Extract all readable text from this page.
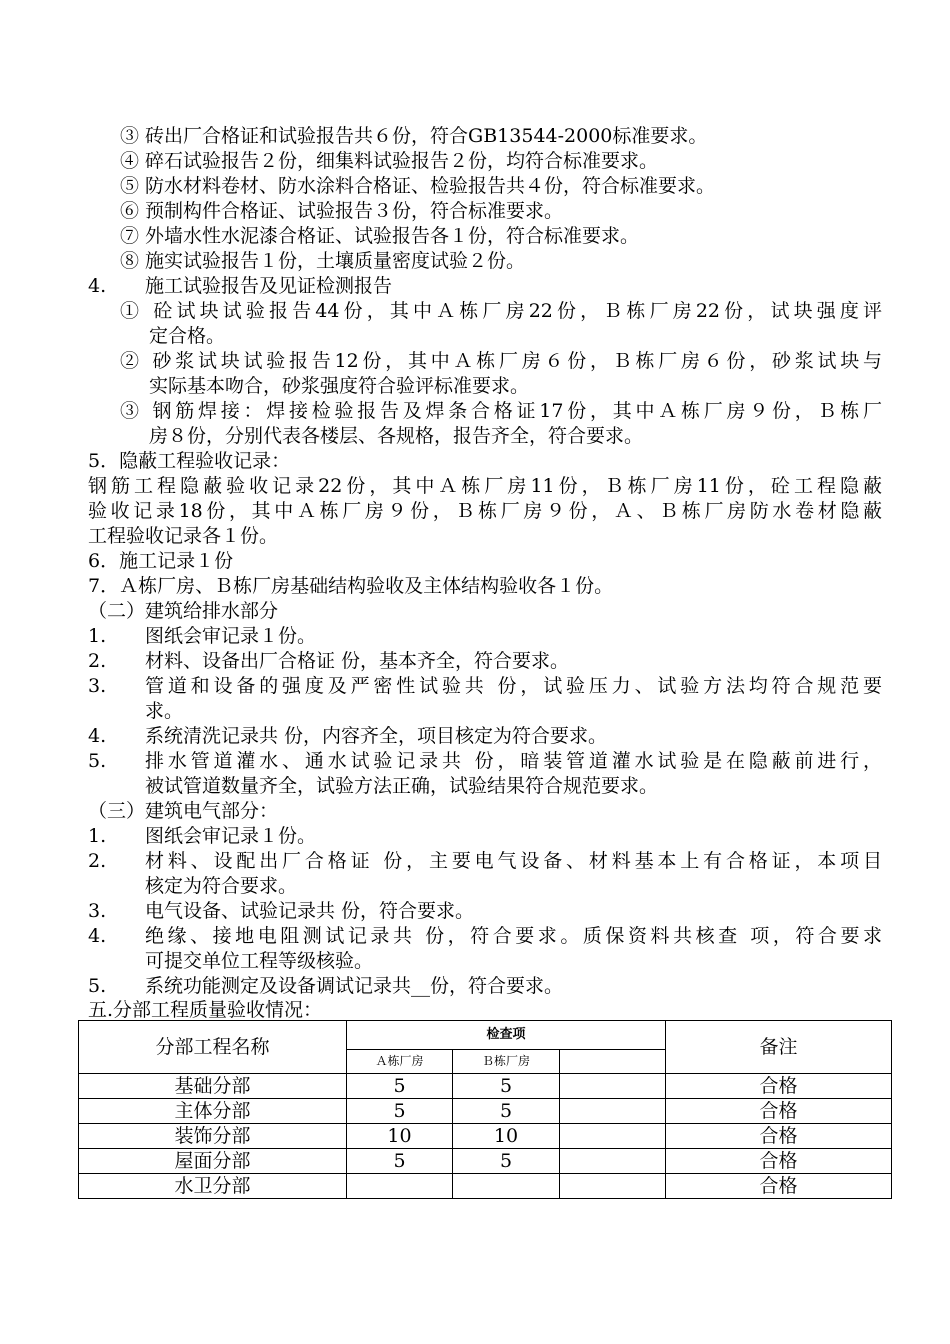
③ 砖出厂合格证和试验报告共６份，符合GB13544-2000标准要求。
④ 碎石试验报告２份，细集料试验报告２份，均符合标准要求。
⑤ 防水材料卷材、防水涂料合格证、检验报告共４份，符合标准要求。
⑥ 预制构件合格证、试验报告３份，符合标准要求。
⑦ 外墙水性水泥漆合格证、试验报告各１份，符合标准要求。
⑧ 施实试验报告１份，土壤质量密度试验２份。
4. 施工试验报告及见证检测报告
① 砼试块试验报告44份，其中Ａ栋厂房22份，Ｂ栋厂房22份，试块强度评
定合格。
② 砂浆试块试验报告12份，其中Ａ栋厂房６份，Ｂ栋厂房６份，砂浆试块与
实际基本吻合，砂浆强度符合验评标准要求。
③ 钢筋焊接：焊接检验报告及焊条合格证17份，其中Ａ栋厂房９份，Ｂ栋厂
房８份，分别代表各楼层、各规格，报告齐全，符合要求。
5．隐蔽工程验收记录：
钢筋工程隐蔽验收记录22份，其中Ａ栋厂房11份，Ｂ栋厂房11份，砼工程隐蔽
验收记录18份，其中Ａ栋厂房９份，Ｂ栋厂房９份，Ａ、Ｂ栋厂房防水卷材隐蔽
工程验收记录各１份。
6．施工记录１份
7．Ａ栋厂房、Ｂ栋厂房基础结构验收及主体结构验收各１份。
（二）建筑给排水部分
1. 图纸会审记录１份。
2. 材料、设备出厂合格证 份，基本齐全，符合要求。
3. 管道和设备的强度及严密性试验共 份，试验压力、试验方法均符合规范要
求。
4. 系统清洗记录共 份，内容齐全，项目核定为符合要求。
5. 排水管道灌水、通水试验记录共 份，暗装管道灌水试验是在隐蔽前进行，
被试管道数量齐全，试验方法正确，试验结果符合规范要求。
（三）建筑电气部分：
1. 图纸会审记录１份。
2. 材料、设配出厂合格证 份，主要电气设备、材料基本上有合格证，本项目
核定为符合要求。
3. 电气设备、试验记录共 份，符合要求。
4. 绝缘、接地电阻测试记录共 份，符合要求。质保资料共核查 项，符合要求
可提交单位工程等级核验。
5. 系统功能测定及设备调试记录共__份，符合要求。
五.分部工程质量验收情况：
分部工程名称	检查项			备注
	Ａ栋厂房	Ｂ栋厂房		
基础分部	5	5		合格
主体分部	5	5		合格
装饰分部	10	10		合格
屋面分部	5	5		合格
水卫分部				合格
